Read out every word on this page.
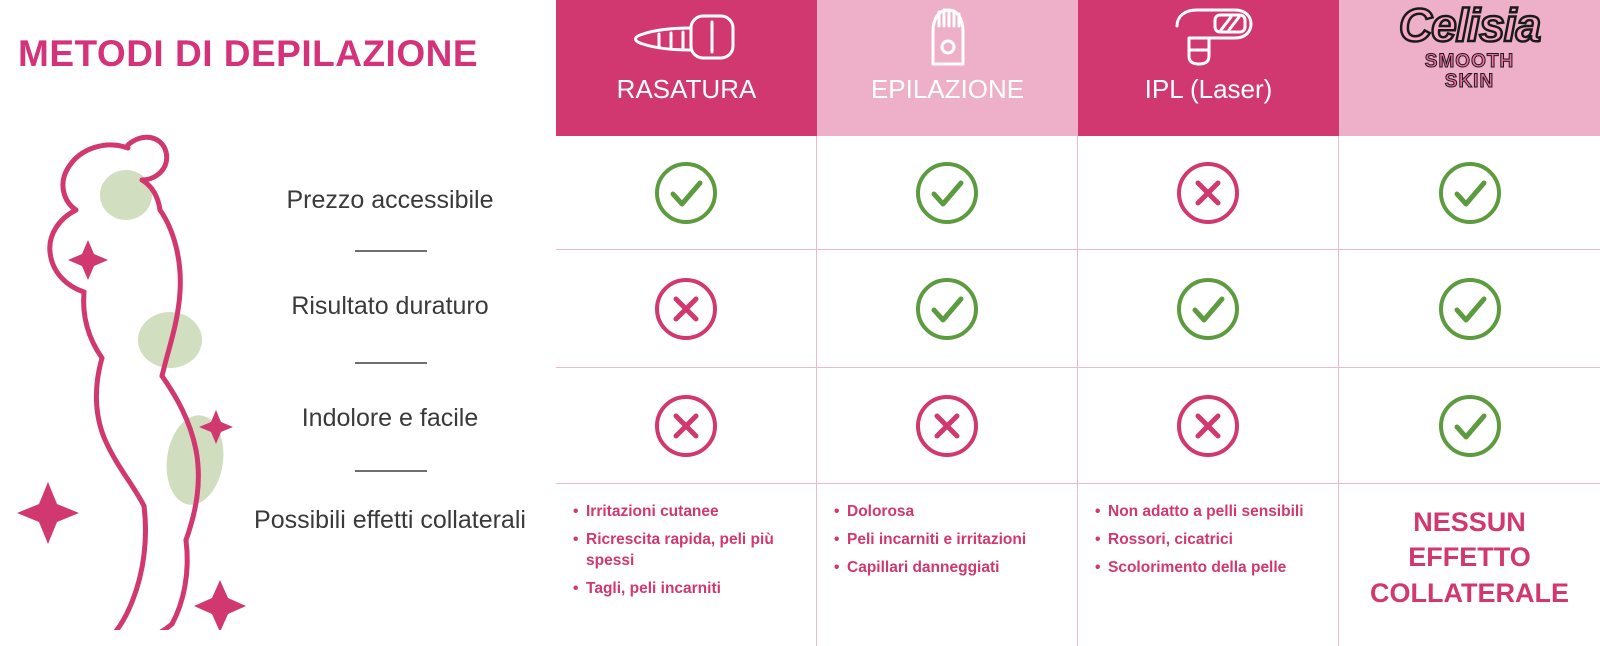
METODI DI DEPILAZIONE
Prezzo accessibile
Risultato duraturo
Indolore e facile
Possibili effetti collaterali
RASATURA	EPILAZIONE	IPL (Laser)
Celisia
SMOOTH
SKIN
• Irritazioni cutanee
• Ricrescita rapida, peli più spessi
• Tagli, peli incarniti
• Dolorosa
• Peli incarniti e irritazioni
• Capillari danneggiati
• Non adatto a pelli sensibili
• Rossori, cicatrici
• Scolorimento della pelle
NESSUN EFFETTO COLLATERALE
